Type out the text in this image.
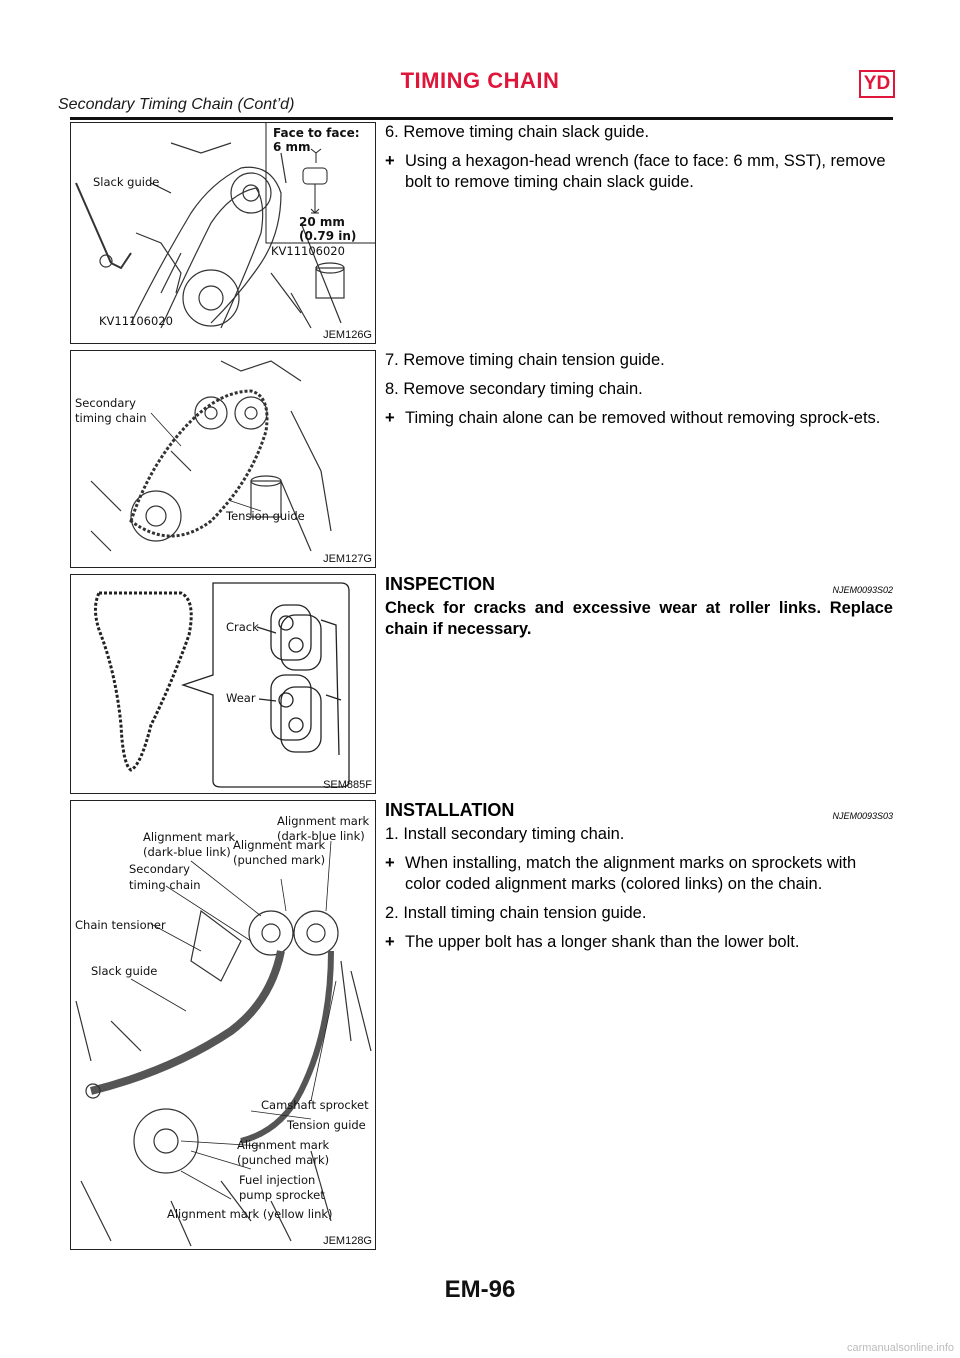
TIMING CHAIN	YD
Secondary Timing Chain (Cont’d)
Face to face:
6 mm
20 mm
(0.79 in)
KV11106020
Slack guide
KV11106020
JEM126G
Secondary
timing chain
Tension guide
JEM127G
Crack
Wear
SEM885F
Alignment mark
(dark-blue link)
Alignment mark
(dark-blue link)
Alignment mark
(punched mark)
Secondary
timing chain
Chain tensioner
Slack guide
Camshaft sprocket
Tension guide
Alignment mark
(punched mark)
Fuel injection
pump sprocket
Alignment mark (yellow link)
JEM128G

6. Remove timing chain slack guide.

+ Using a hexagon-head wrench (face to face: 6 mm, SST), remove bolt to remove timing chain slack guide.

7. Remove timing chain tension guide.

8. Remove secondary timing chain.

+ Timing chain alone can be removed without removing sprock-ets.
INSPECTION	NJEM0093S02

Check for cracks and excessive wear at roller links. Replace chain if necessary.

INSTALLATION	NJEM0093S03

1. Install secondary timing chain.

+ When installing, match the alignment marks on sprockets with color coded alignment marks (colored links) on the chain.

2. Install timing chain tension guide.

+ The upper bolt has a longer shank than the lower bolt.
EM-96
carmanualsonline.info
